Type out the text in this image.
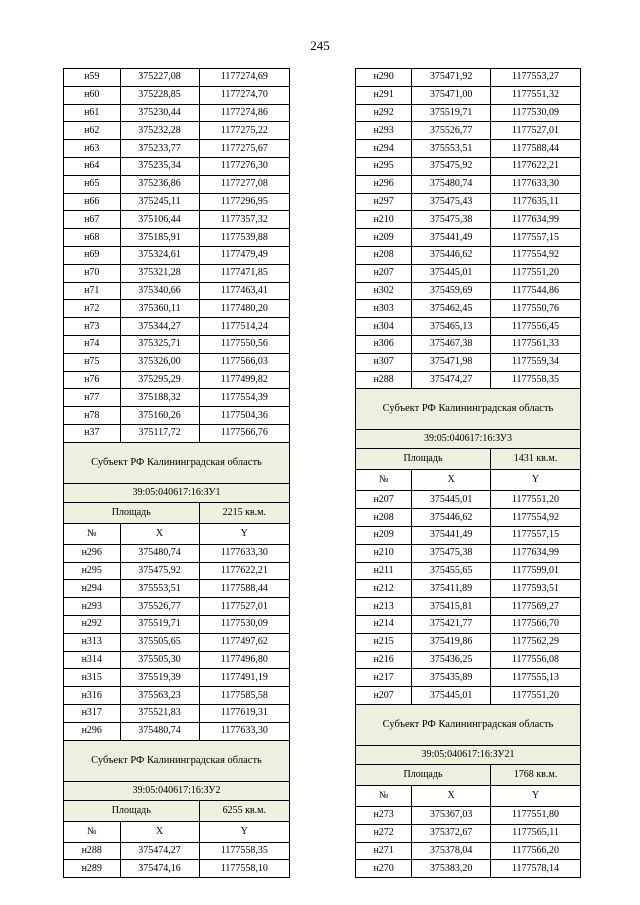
245
н59	375227,08	1177274,69
н60	375228,85	1177274,70
н61	375230,44	1177274,86
н62	375232,28	1177275,22
н63	375233,77	1177275,67
н64	375235,34	1177276,30
н65	375236,86	1177277,08
н66	375245,11	1177296,95
н67	375106,44	1177357,32
н68	375185,91	1177539,88
н69	375324,61	1177479,49
н70	375321,28	1177471,85
н71	375340,66	1177463,41
н72	375360,11	1177480,20
н73	375344,27	1177514,24
н74	375325,71	1177550,56
н75	375326,00	1177566,03
н76	375295,29	1177499,82
н77	375188,32	1177554,39
н78	375160,26	1177504,36
н37	375117,72	1177566,76
Субъект РФ Калининградская область		
39:05:040617:16:ЗУ1		
Площадь		2215 кв.м.
№	X	Y
н296	375480,74	1177633,30
н295	375475,92	1177622,21
н294	375553,51	1177588,44
н293	375526,77	1177527,01
н292	375519,71	1177530,09
н313	375505,65	1177497,62
н314	375505,30	1177496,80
н315	375519,39	1177491,19
н316	375563,23	1177585,58
н317	375521,83	1177619,31
н296	375480,74	1177633,30
Субъект РФ Калининградская область		
39:05:040617:16:ЗУ2		
Площадь		6255 кв.м.
№	X	Y
н288	375474,27	1177558,35
н289	375474,16	1177558,10
н290	375471,92	1177553,27
н291	375471,00	1177551,32
н292	375519,71	1177530,09
н293	375526,77	1177527,01
н294	375553,51	1177588,44
н295	375475,92	1177622,21
н296	375480,74	1177633,30
н297	375475,43	1177635,11
н210	375475,38	1177634,99
н209	375441,49	1177557,15
н208	375446,62	1177554,92
н207	375445,01	1177551,20
н302	375459,69	1177544,86
н303	375462,45	1177550,76
н304	375465,13	1177556,45
н306	375467,38	1177561,33
н307	375471,98	1177559,34
н288	375474,27	1177558,35
Субъект РФ Калининградская область		
39:05:040617:16:ЗУ3		
Площадь		1431 кв.м.
№	X	Y
н207	375445,01	1177551,20
н208	375446,62	1177554,92
н209	375441,49	1177557,15
н210	375475,38	1177634,99
н211	375455,65	1177599,01
н212	375411,89	1177593,51
н213	375415,81	1177569,27
н214	375421,77	1177566,70
н215	375419,86	1177562,29
н216	375436,25	1177556,08
н217	375435,89	1177555,13
н207	375445,01	1177551,20
Субъект РФ Калининградская область		
39:05:040617:16:ЗУ21		
Площадь		1768 кв.м.
№	X	Y
н273	375367,03	1177551,80
н272	375372,67	1177565,11
н271	375378,04	1177566,20
н270	375383,20	1177578,14
